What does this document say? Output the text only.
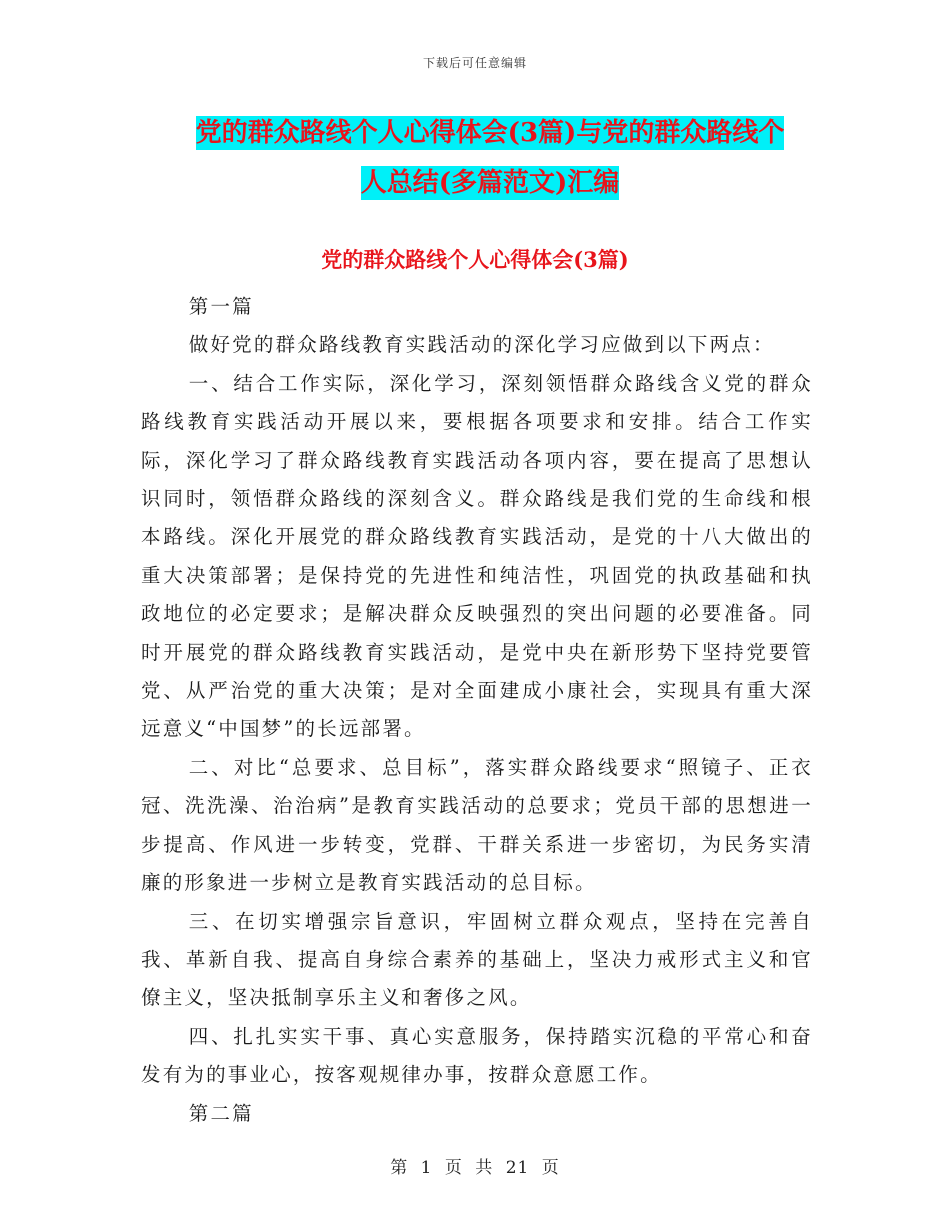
下载后可任意编辑
党的群众路线个人心得体会(3篇)与党的群众路线个
人总结(多篇范文)汇编
党的群众路线个人心得体会(3篇)

第一篇

做好党的群众路线教育实践活动的深化学习应做到以下两点：

一、结合工作实际，深化学习，深刻领悟群众路线含义党的群众路线教育实践活动开展以来，要根据各项要求和安排。结合工作实际，深化学习了群众路线教育实践活动各项内容，要在提高了思想认识同时，领悟群众路线的深刻含义。群众路线是我们党的生命线和根本路线。深化开展党的群众路线教育实践活动，是党的十八大做出的重大决策部署；是保持党的先进性和纯洁性，巩固党的执政基础和执政地位的必定要求；是解决群众反映强烈的突出问题的必要准备。同时开展党的群众路线教育实践活动，是党中央在新形势下坚持党要管党、从严治党的重大决策；是对全面建成小康社会，实现具有重大深远意义“中国梦”的长远部署。

二、对比“总要求、总目标”，落实群众路线要求“照镜子、正衣冠、洗洗澡、治治病”是教育实践活动的总要求；党员干部的思想进一步提高、作风进一步转变，党群、干群关系进一步密切，为民务实清廉的形象进一步树立是教育实践活动的总目标。

三、在切实增强宗旨意识，牢固树立群众观点，坚持在完善自我、革新自我、提高自身综合素养的基础上，坚决力戒形式主义和官僚主义，坚决抵制享乐主义和奢侈之风。

四、扎扎实实干事、真心实意服务，保持踏实沉稳的平常心和奋发有为的事业心，按客观规律办事，按群众意愿工作。

第二篇

第 1 页 共 21 页
